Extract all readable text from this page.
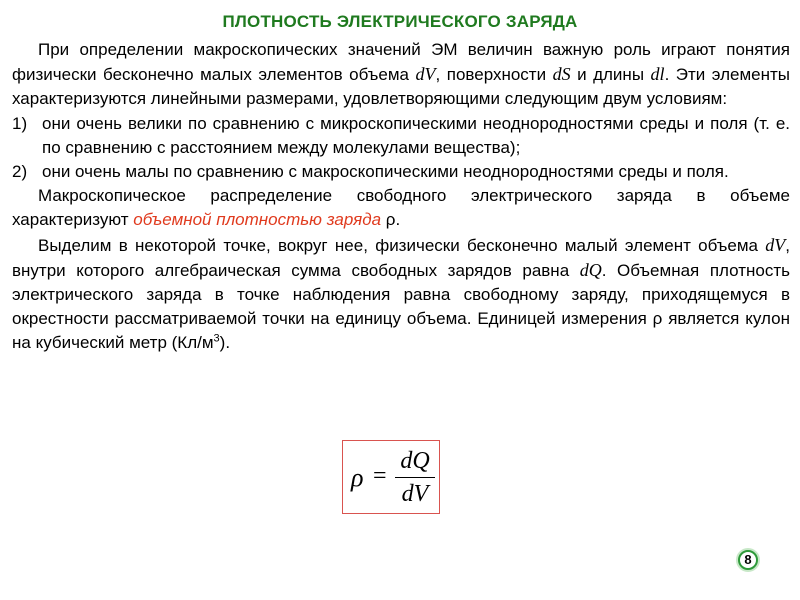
ПЛОТНОСТЬ ЭЛЕКТРИЧЕСКОГО ЗАРЯДА

При определении макроскопических значений ЭМ величин важную роль играют понятия физически бесконечно малых элементов объема dV, поверхности dS и длины dl. Эти элементы характеризуются линейными размерами, удовлетворяющими следующим двум условиям:

1) они очень велики по сравнению с микроскопическими неоднородностями среды и поля (т. е. по сравнению с расстоянием между молекулами вещества);
2) они очень малы по сравнению с макроскопическими неоднородностями среды и поля.

Макроскопическое распределение свободного электрического заряда в объеме характеризуют объемной плотностью заряда ρ.

Выделим в некоторой точке, вокруг нее, физически бесконечно малый элемент объема dV, внутри которого алгебраическая сумма свободных зарядов равна dQ. Объемная плотность электрического заряда в точке наблюдения равна свободному заряду, приходящемуся в окрестности рассматриваемой точки на единицу объема. Единицей измерения ρ является кулон на кубический метр $(Кл/м^3)$.

ρ =
dQ
dV
8
